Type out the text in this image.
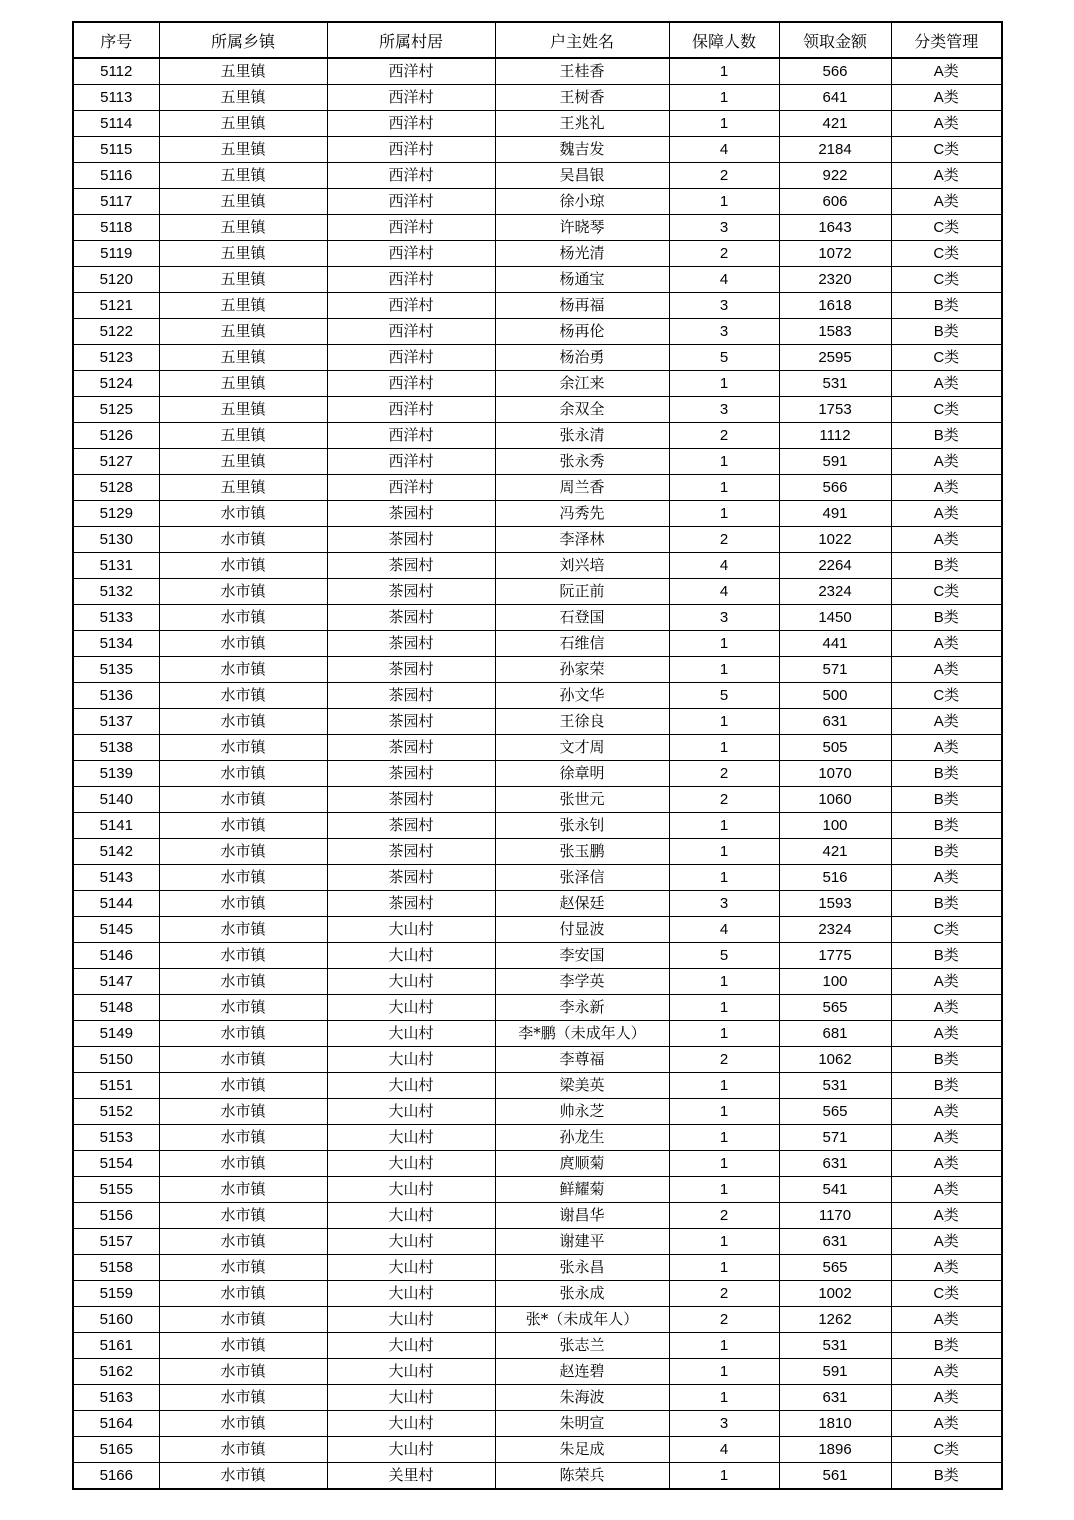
序号	所属乡镇	所属村居	户主姓名	保障人数	领取金额	分类管理
5112	五里镇	西洋村	王桂香	1	566	A类
5113	五里镇	西洋村	王树香	1	641	A类
5114	五里镇	西洋村	王兆礼	1	421	A类
5115	五里镇	西洋村	魏吉发	4	2184	C类
5116	五里镇	西洋村	吴昌银	2	922	A类
5117	五里镇	西洋村	徐小琼	1	606	A类
5118	五里镇	西洋村	许晓琴	3	1643	C类
5119	五里镇	西洋村	杨光清	2	1072	C类
5120	五里镇	西洋村	杨通宝	4	2320	C类
5121	五里镇	西洋村	杨再福	3	1618	B类
5122	五里镇	西洋村	杨再伦	3	1583	B类
5123	五里镇	西洋村	杨治勇	5	2595	C类
5124	五里镇	西洋村	余江来	1	531	A类
5125	五里镇	西洋村	余双全	3	1753	C类
5126	五里镇	西洋村	张永清	2	1112	B类
5127	五里镇	西洋村	张永秀	1	591	A类
5128	五里镇	西洋村	周兰香	1	566	A类
5129	水市镇	茶园村	冯秀先	1	491	A类
5130	水市镇	茶园村	李泽林	2	1022	A类
5131	水市镇	茶园村	刘兴培	4	2264	B类
5132	水市镇	茶园村	阮正前	4	2324	C类
5133	水市镇	茶园村	石登国	3	1450	B类
5134	水市镇	茶园村	石维信	1	441	A类
5135	水市镇	茶园村	孙家荣	1	571	A类
5136	水市镇	茶园村	孙文华	5	500	C类
5137	水市镇	茶园村	王徐良	1	631	A类
5138	水市镇	茶园村	文才周	1	505	A类
5139	水市镇	茶园村	徐章明	2	1070	B类
5140	水市镇	茶园村	张世元	2	1060	B类
5141	水市镇	茶园村	张永钊	1	100	B类
5142	水市镇	茶园村	张玉鹏	1	421	B类
5143	水市镇	茶园村	张泽信	1	516	A类
5144	水市镇	茶园村	赵保廷	3	1593	B类
5145	水市镇	大山村	付显波	4	2324	C类
5146	水市镇	大山村	李安国	5	1775	B类
5147	水市镇	大山村	李学英	1	100	A类
5148	水市镇	大山村	李永新	1	565	A类
5149	水市镇	大山村	李*鹏（未成年人）	1	681	A类
5150	水市镇	大山村	李尊福	2	1062	B类
5151	水市镇	大山村	梁美英	1	531	B类
5152	水市镇	大山村	帅永芝	1	565	A类
5153	水市镇	大山村	孙龙生	1	571	A类
5154	水市镇	大山村	庹顺菊	1	631	A类
5155	水市镇	大山村	鲜耀菊	1	541	A类
5156	水市镇	大山村	谢昌华	2	1170	A类
5157	水市镇	大山村	谢建平	1	631	A类
5158	水市镇	大山村	张永昌	1	565	A类
5159	水市镇	大山村	张永成	2	1002	C类
5160	水市镇	大山村	张*（未成年人）	2	1262	A类
5161	水市镇	大山村	张志兰	1	531	B类
5162	水市镇	大山村	赵连碧	1	591	A类
5163	水市镇	大山村	朱海波	1	631	A类
5164	水市镇	大山村	朱明宣	3	1810	A类
5165	水市镇	大山村	朱足成	4	1896	C类
5166	水市镇	关里村	陈荣兵	1	561	B类
